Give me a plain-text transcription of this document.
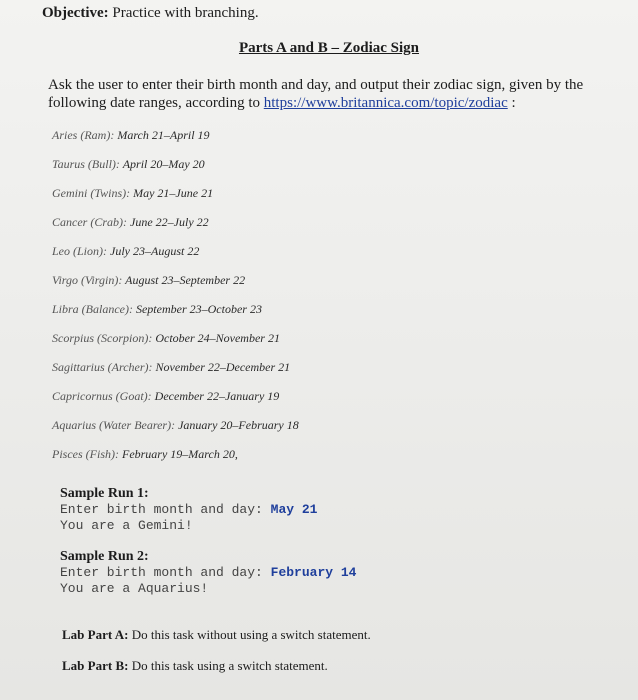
Objective: Practice with branching.
Parts A and B – Zodiac Sign
Ask the user to enter their birth month and day, and output their zodiac sign, given by the following date ranges, according to https://www.britannica.com/topic/zodiac :
Aries (Ram): March 21–April 19
Taurus (Bull): April 20–May 20
Gemini (Twins): May 21–June 21
Cancer (Crab): June 22–July 22
Leo (Lion): July 23–August 22
Virgo (Virgin): August 23–September 22
Libra (Balance): September 23–October 23
Scorpius (Scorpion): October 24–November 21
Sagittarius (Archer): November 22–December 21
Capricornus (Goat): December 22–January 19
Aquarius (Water Bearer): January 20–February 18
Pisces (Fish): February 19–March 20,
Sample Run 1:
Enter birth month and day: May 21
You are a Gemini!
Sample Run 2:
Enter birth month and day: February 14
You are a Aquarius!
Lab Part A: Do this task without using a switch statement.
Lab Part B: Do this task using a switch statement.
